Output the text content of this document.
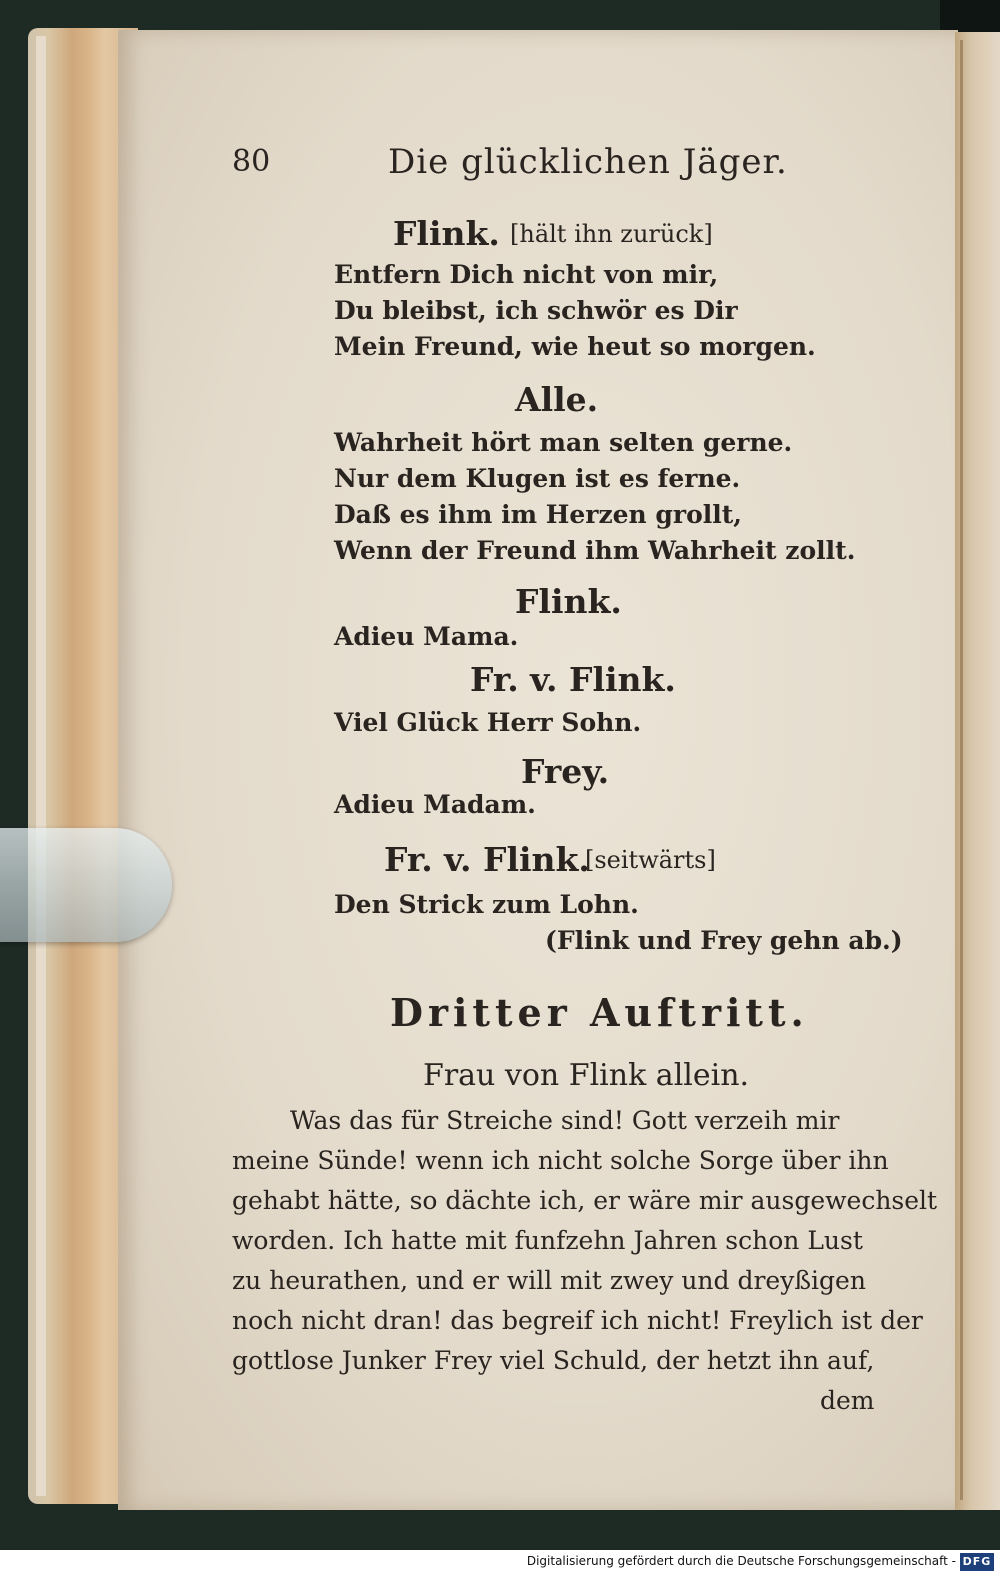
80	Die glücklichen Jäger.
Flink. [hält ihn zurück]
Entfern Dich nicht von mir,
Du bleibst, ich schwör es Dir
Mein Freund, wie heut so morgen.
Alle.
Wahrheit hört man selten gerne.
Nur dem Klugen ist es ferne.
Daß es ihm im Herzen grollt,
Wenn der Freund ihm Wahrheit zollt.
Flink.
Adieu Mama.
Fr. v. Flink.
Viel Glück Herr Sohn.
Frey.
Adieu Madam.
Fr. v. Flink.
[seitwärts]
Den Strick zum Lohn.
(Flink und Frey gehn ab.)
Dritter Auftritt.
Frau von Flink allein.
Was das für Streiche sind! Gott verzeih mir
meine Sünde! wenn ich nicht solche Sorge über ihn
gehabt hätte, so dächte ich, er wäre mir ausgewechselt
worden. Ich hatte mit funfzehn Jahren schon Lust
zu heurathen, und er will mit zwey und dreyßigen
noch nicht dran! das begreif ich nicht! Freylich ist der
gottlose Junker Frey viel Schuld, der hetzt ihn auf,
dem
Digitalisierung gefördert durch die Deutsche Forschungsgemeinschaft - DFG
